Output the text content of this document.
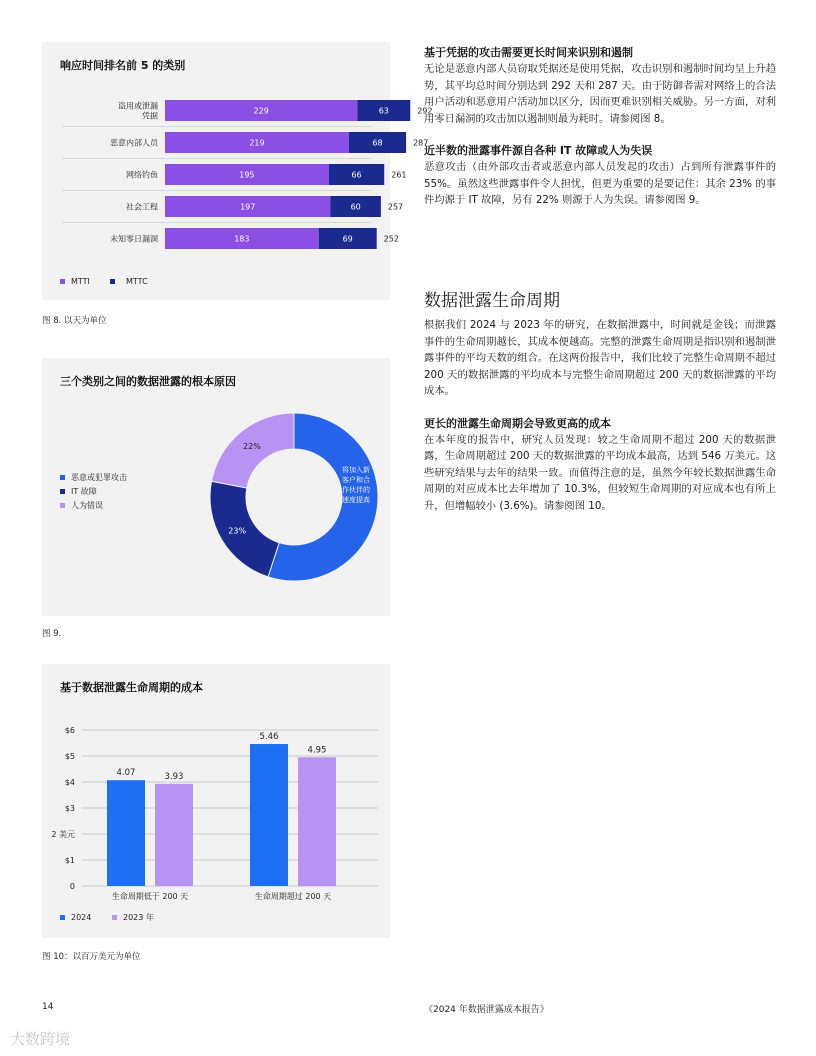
响应时间排名前 5 的类别
盗用或泄漏凭据
229	63	292
恶意内部人员	219	68	287
网络钓鱼	195	66	261
社会工程	197	60	257
未知零日漏洞	183	69	252
MTTI	MTTC
图 8. 以天为单位
三个类别之间的数据泄露的根本原因
23%
22%
将加入新客户和合作伙伴的速度提高
恶意或犯罪攻击
IT 故障
人为错误
图 9.
基于数据泄露生命周期的成本
0
$1
2 美元
$3
$4
$5
$6
4.07	3.93
生命周期低于 200 天
5.46
4.95
生命周期超过 200 天
2024	2023 年
图 10：以百万美元为单位

基于凭据的攻击需要更长时间来识别和遏制

无论是恶意内部人员窃取凭据还是使用凭据，攻击识别和遏制时间均呈上升趋势，其平均总时间分别达到 292 天和 287 天。由于防御者需对网络上的合法用户活动和恶意用户活动加以区分，因而更难识别相关威胁。另一方面，对利用零日漏洞的攻击加以遏制则最为耗时。请参阅图 8。

近半数的泄露事件源自各种 IT 故障或人为失误

恶意攻击（由外部攻击者或恶意内部人员发起的攻击）占到所有泄露事件的 55%。虽然这些泄露事件令人担忧，但更为重要的是要记住：其余 23% 的事件均源于 IT 故障，另有 22% 则源于人为失误。请参阅图 9。

数据泄露生命周期

根据我们 2024 与 2023 年的研究，在数据泄露中，时间就是金钱；而泄露事件的生命周期越长，其成本便越高。完整的泄露生命周期是指识别和遏制泄露事件的平均天数的组合。在这两份报告中，我们比较了完整生命周期不超过 200 天的数据泄露的平均成本与完整生命周期超过 200 天的数据泄露的平均成本。

更长的泄露生命周期会导致更高的成本

在本年度的报告中，研究人员发现：较之生命周期不超过 200 天的数据泄露，生命周期超过 200 天的数据泄露的平均成本最高，达到 546 万美元。这些研究结果与去年的结果一致。而值得注意的是，虽然今年较长数据泄露生命周期的对应成本比去年增加了 10.3%，但较短生命周期的对应成本也有所上升，但增幅较小 (3.6%)。请参阅图 10。

14	《2024 年数据泄露成本报告》
大数跨境
